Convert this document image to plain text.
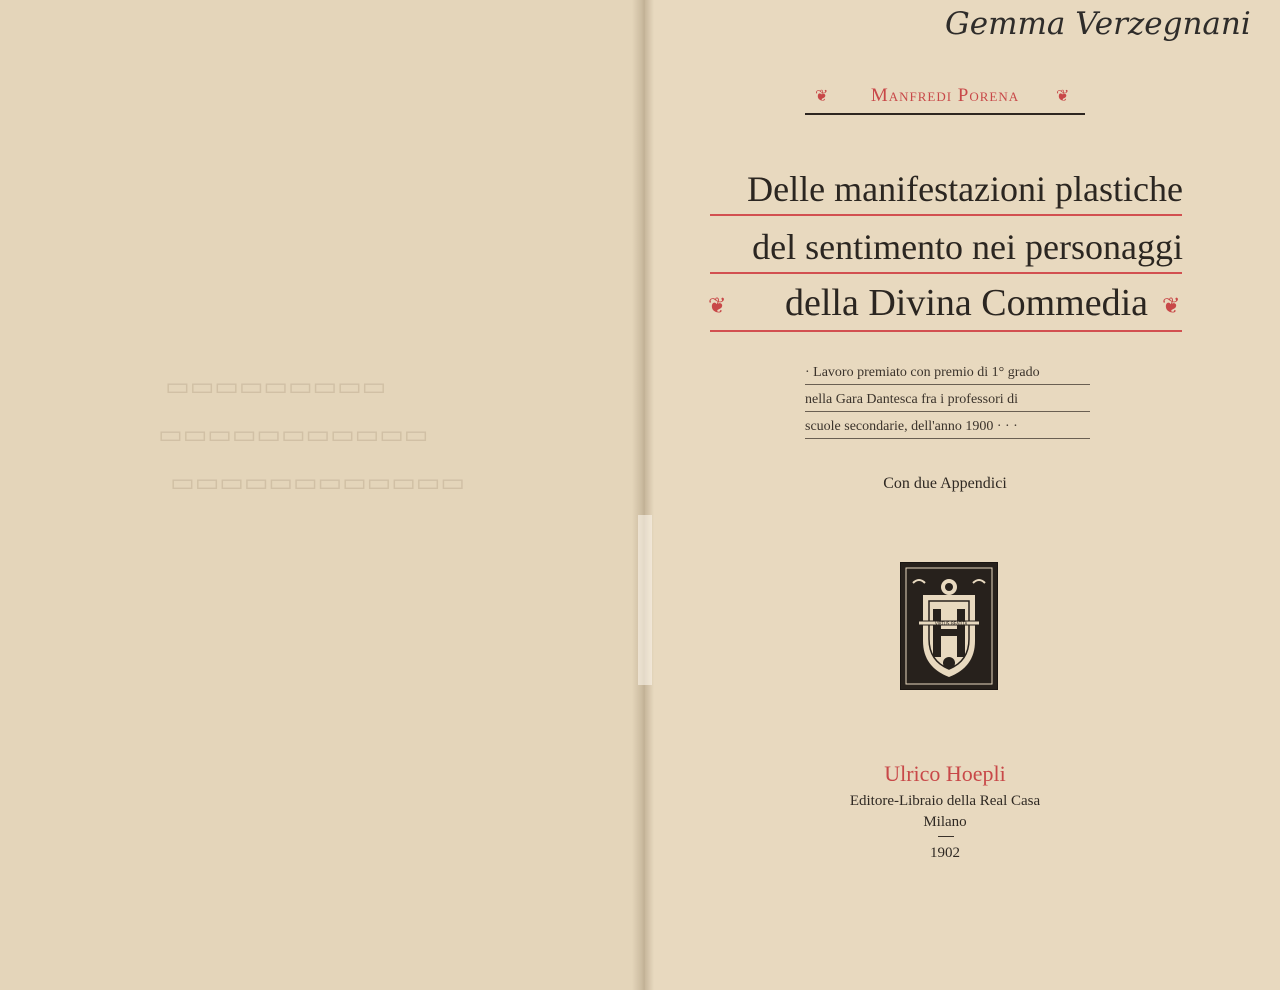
▭▭▭▭▭▭▭▭▭
▭▭▭▭▭▭▭▭▭▭▭
▭▭▭▭▭▭▭▭▭▭▭▭
Gemma Verzegnani
❦	Manfredi Porena	❦
Delle manifestazioni plastiche
del sentimento nei personaggi
❦	della Divina Commedia ❦
· Lavoro premiato con premio di 1° grado
nella Gara Dantesca fra i professori di
scuole secondarie, dell'anno 1900 · · ·
Con due Appendici
VIRTUS BEATITA
Ulrico Hoepli
Editore-Libraio della Real Casa
Milano
1902
